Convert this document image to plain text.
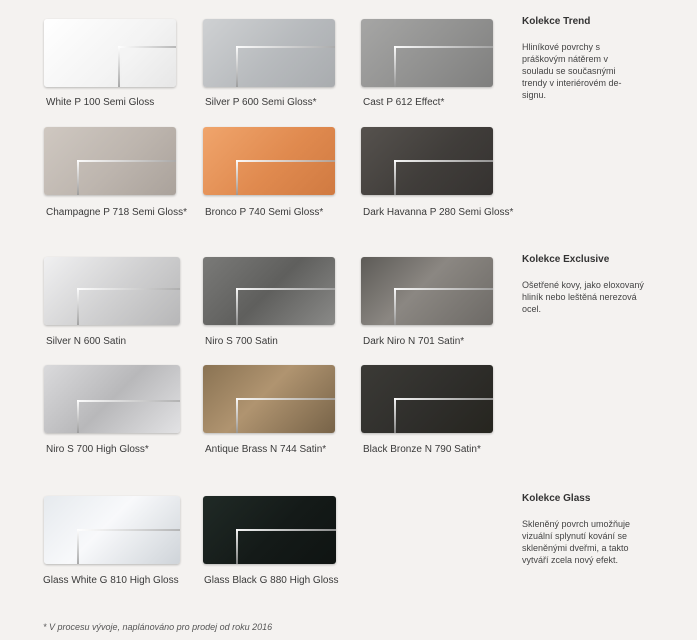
White P 100 Semi Gloss	Silver P 600 Semi Gloss*	Cast P 612 Effect*
Champagne P 718 Semi Gloss* Bronco P 740 Semi Gloss*	Dark Havanna P 280 Semi Gloss*
Silver N 600 Satin	Niro S 700 Satin	Dark Niro N 701 Satin*
Niro S 700 High Gloss*	Antique Brass N 744 Satin*	Black Bronze N 790 Satin*
Glass White G 810 High Gloss	Glass Black G 880 High Gloss
Kolekce Trend
Hliníkové povrchy s
práškovým nátěrem v
souladu se současnými
trendy v interiérovém de-
signu.
Kolekce Exclusive
Ošetřené kovy, jako eloxovaný
hliník nebo leštěná nerezová
ocel.
Kolekce Glass
Skleněný povrch umožňuje
vizuální splynutí kování se
skleněnými dveřmi, a takto
vytváří zcela nový efekt.
* V procesu vývoje, naplánováno pro prodej od roku 2016
